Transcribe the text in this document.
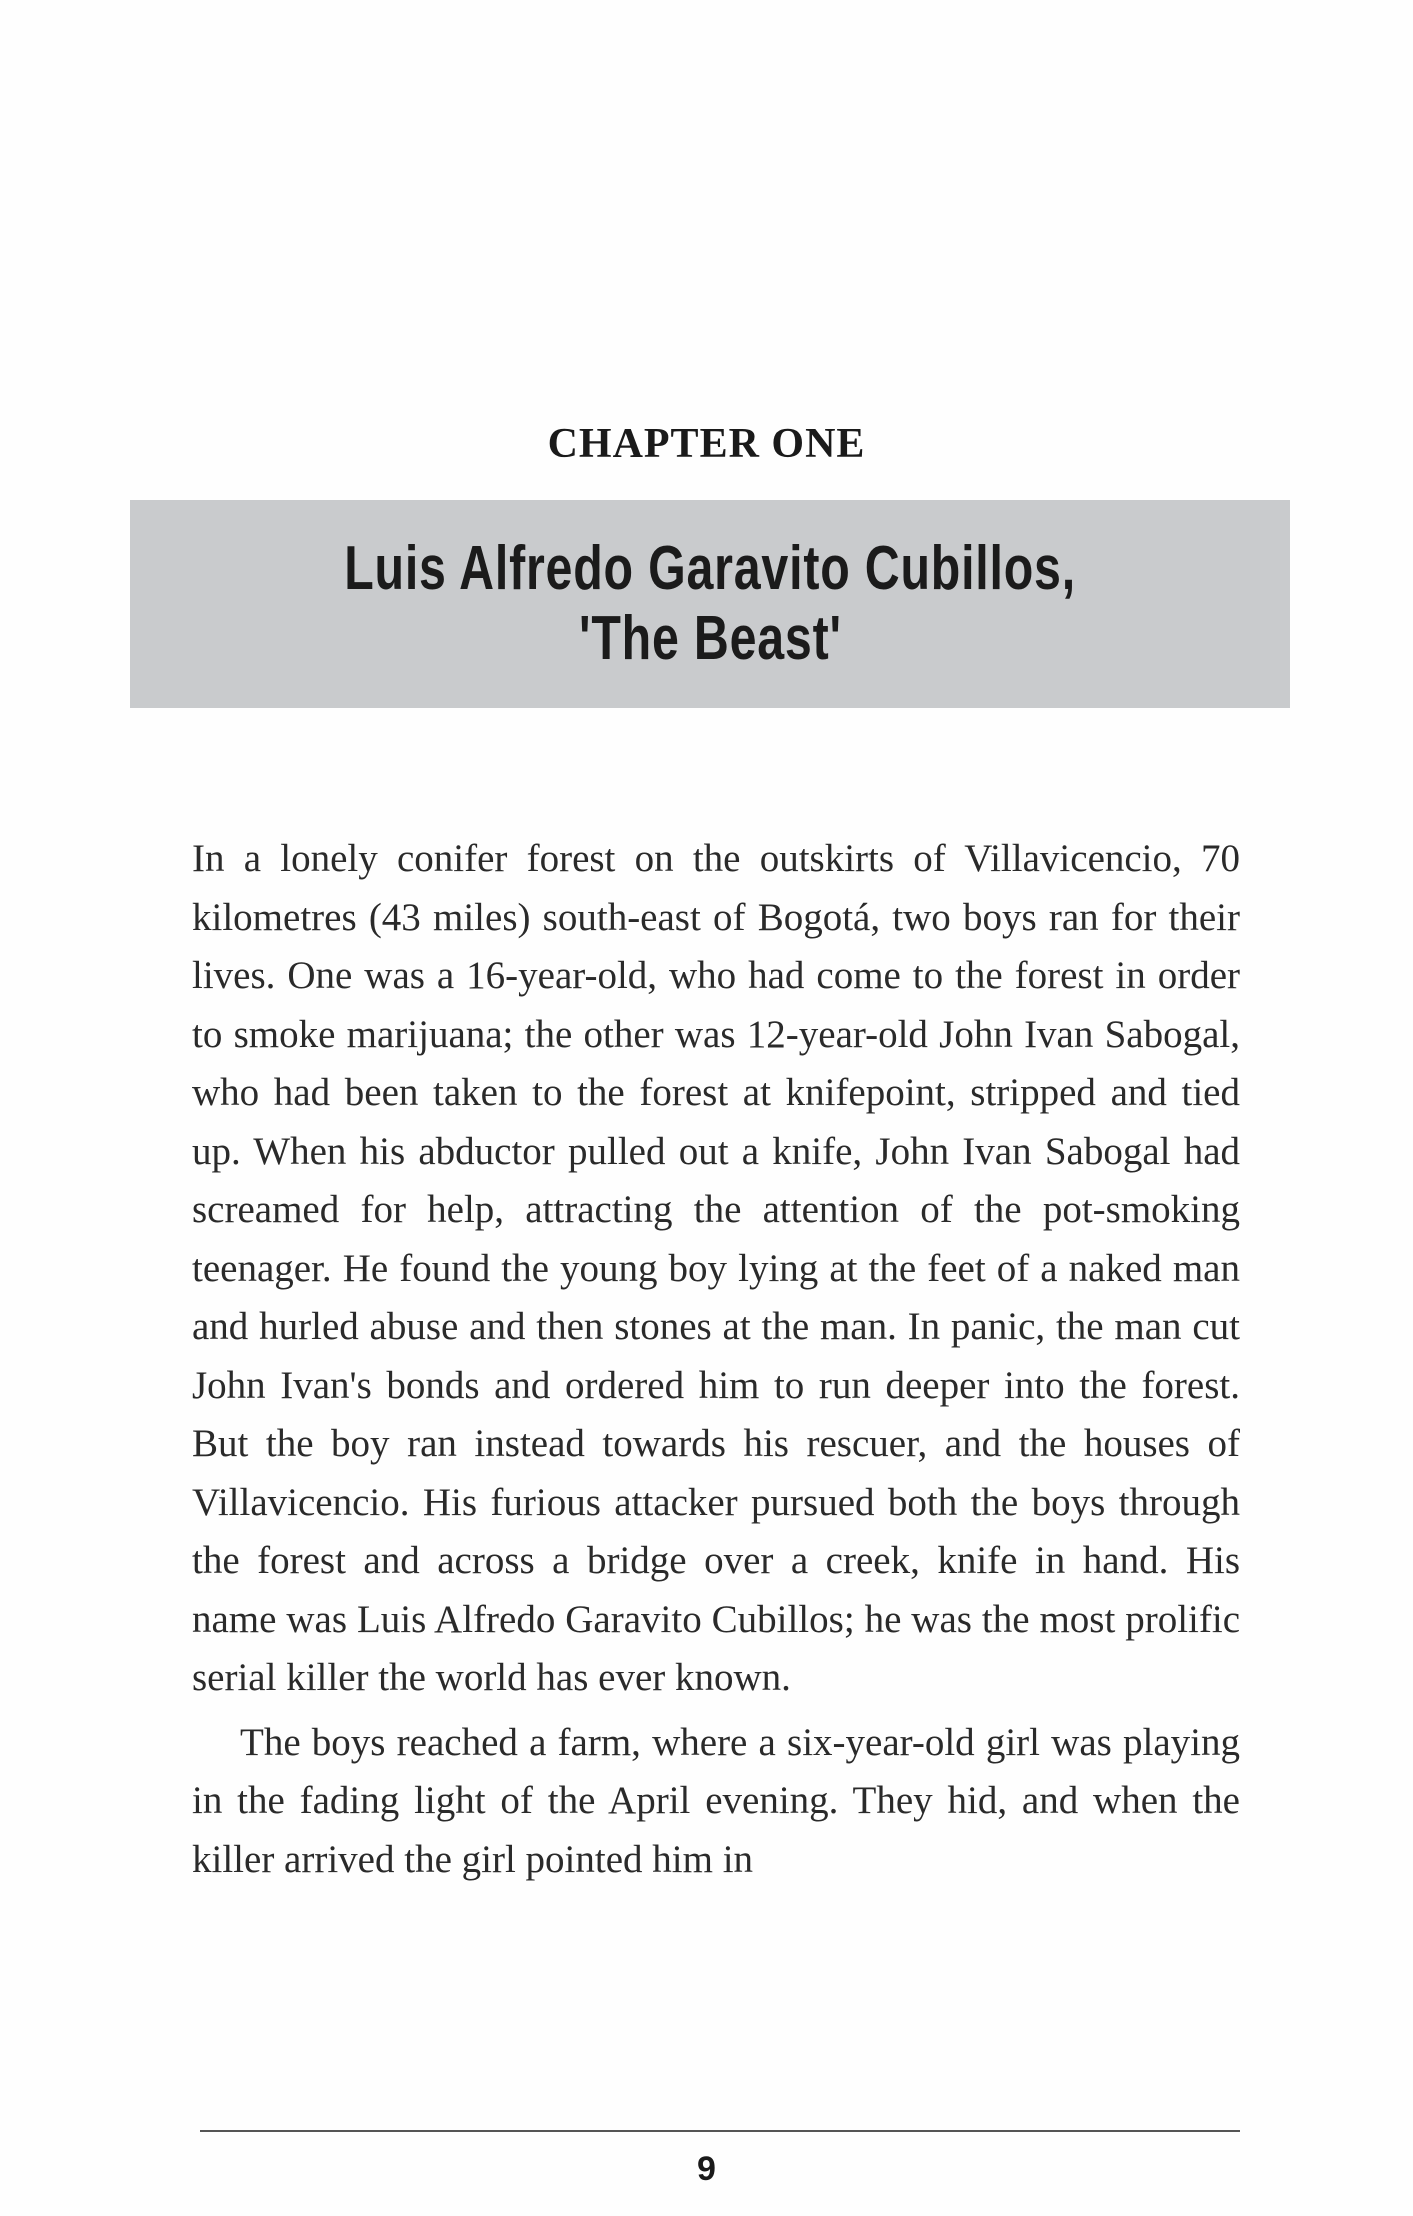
CHAPTER ONE
Luis Alfredo Garavito Cubillos,
'The Beast'

In a lonely conifer forest on the outskirts of Villavicencio, 70 kilometres (43 miles) south-east of Bogotá, two boys ran for their lives. One was a 16-year-old, who had come to the forest in order to smoke marijuana; the other was 12-year-old John Ivan Sabogal, who had been taken to the forest at knifepoint, stripped and tied up. When his abductor pulled out a knife, John Ivan Sabogal had screamed for help, attracting the attention of the pot-smoking teenager. He found the young boy lying at the feet of a naked man and hurled abuse and then stones at the man. In panic, the man cut John Ivan's bonds and ordered him to run deeper into the forest. But the boy ran instead towards his rescuer, and the houses of Villavicencio. His furious attacker pursued both the boys through the forest and across a bridge over a creek, knife in hand. His name was Luis Alfredo Garavito Cubillos; he was the most prolific serial killer the world has ever known.

The boys reached a farm, where a six-year-old girl was playing in the fading light of the April evening. They hid, and when the killer arrived the girl pointed him in

9
